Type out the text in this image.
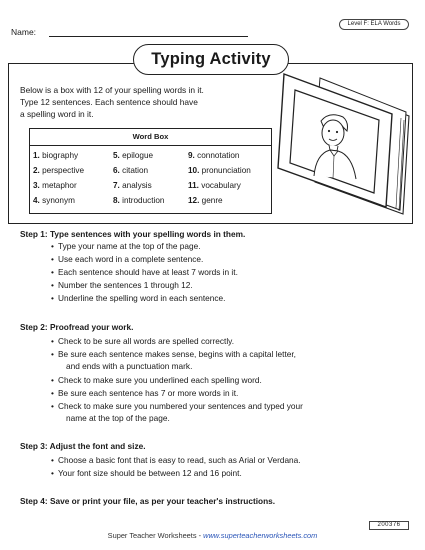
Name:
Level F: ELA Words
Typing Activity
Below is a box with 12 of your spelling words in it.
Type 12 sentences. Each sentence should have
a spelling word in it.
Word Box
1. biography
2. perspective
3. metaphor
4. synonym
5. epilogue
6. citation
7. analysis
8. introduction
9. connotation
10. pronunciation
11. vocabulary
12. genre
Step 1: Type sentences with your spelling words in them.
• Type your name at the top of the page.
• Use each word in a complete sentence.
• Each sentence should have at least 7 words in it.
• Number the sentences 1 through 12.
• Underline the spelling word in each sentence.
Step 2: Proofread your work.
• Check to be sure all words are spelled correctly.
• Be sure each sentence makes sense, begins with a capital letter,
and ends with a punctuation mark.
• Check to make sure you underlined each spelling word.
• Be sure each sentence has 7 or more words in it.
• Check to make sure you numbered your sentences and typed your
name at the top of the page.
Step 3: Adjust the font and size.
• Choose a basic font that is easy to read, such as Arial or Verdana.
• Your font size should be between 12 and 16 point.
Step 4: Save or print your file, as per your teacher's instructions.
200376
Super Teacher Worksheets - www.superteacherworksheets.com
